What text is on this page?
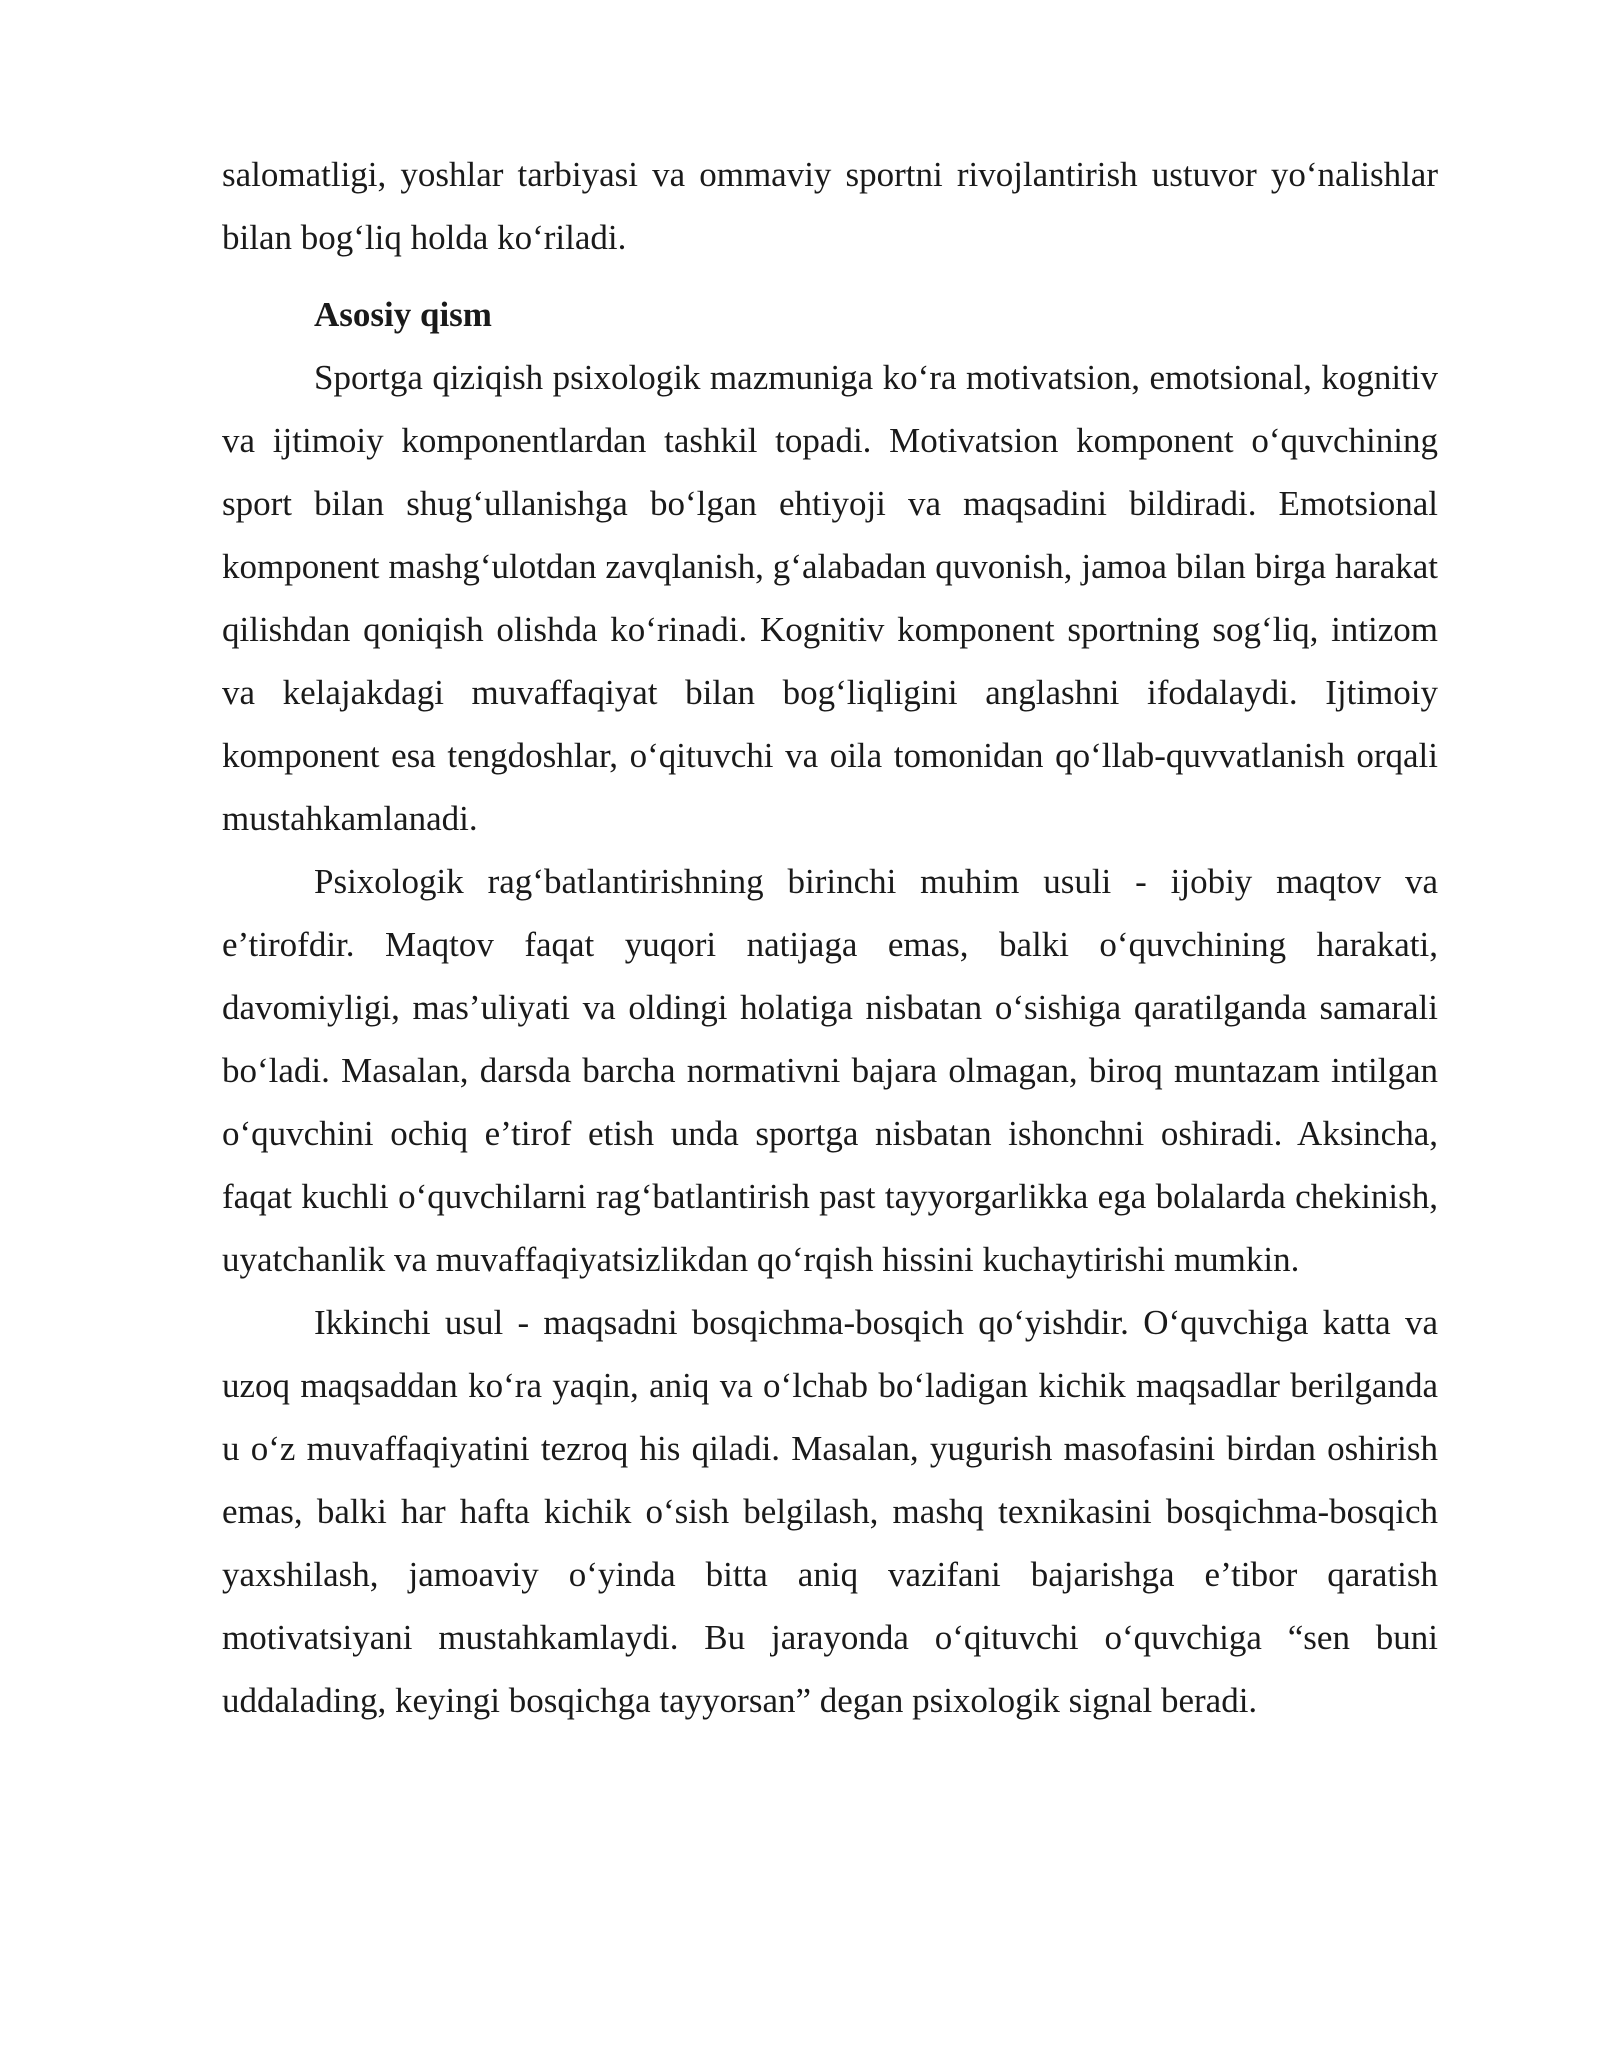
salomatligi, yoshlar tarbiyasi va ommaviy sportni rivojlantirish ustuvor yo‘nalishlar bilan bog‘liq holda ko‘riladi.

Asosiy qism

Sportga qiziqish psixologik mazmuniga ko‘ra motivatsion, emotsional, kognitiv va ijtimoiy komponentlardan tashkil topadi. Motivatsion komponent o‘quvchining sport bilan shug‘ullanishga bo‘lgan ehtiyoji va maqsadini bildiradi. Emotsional komponent mashg‘ulotdan zavqlanish, g‘alabadan quvonish, jamoa bilan birga harakat qilishdan qoniqish olishda ko‘rinadi. Kognitiv komponent sportning sog‘liq, intizom va kelajakdagi muvaffaqiyat bilan bog‘liqligini anglashni ifodalaydi. Ijtimoiy komponent esa tengdoshlar, o‘qituvchi va oila tomonidan qo‘llab-quvvatlanish orqali mustahkamlanadi.

Psixologik rag‘batlantirishning birinchi muhim usuli - ijobiy maqtov va e’tirofdir. Maqtov faqat yuqori natijaga emas, balki o‘quvchining harakati, davomiyligi, mas’uliyati va oldingi holatiga nisbatan o‘sishiga qaratilganda samarali bo‘ladi. Masalan, darsda barcha normativni bajara olmagan, biroq muntazam intilgan o‘quvchini ochiq e’tirof etish unda sportga nisbatan ishonchni oshiradi. Aksincha, faqat kuchli o‘quvchilarni rag‘batlantirish past tayyorgarlikka ega bolalarda chekinish, uyatchanlik va muvaffaqiyatsizlikdan qo‘rqish hissini kuchaytirishi mumkin.

Ikkinchi usul - maqsadni bosqichma-bosqich qo‘yishdir. O‘quvchiga katta va uzoq maqsaddan ko‘ra yaqin, aniq va o‘lchab bo‘ladigan kichik maqsadlar berilganda u o‘z muvaffaqiyatini tezroq his qiladi. Masalan, yugurish masofasini birdan oshirish emas, balki har hafta kichik o‘sish belgilash, mashq texnikasini bosqichma-bosqich yaxshilash, jamoaviy o‘yinda bitta aniq vazifani bajarishga e’tibor qaratish motivatsiyani mustahkamlaydi. Bu jarayonda o‘qituvchi o‘quvchiga “sen buni uddalading, keyingi bosqichga tayyorsan” degan psixologik signal beradi.
